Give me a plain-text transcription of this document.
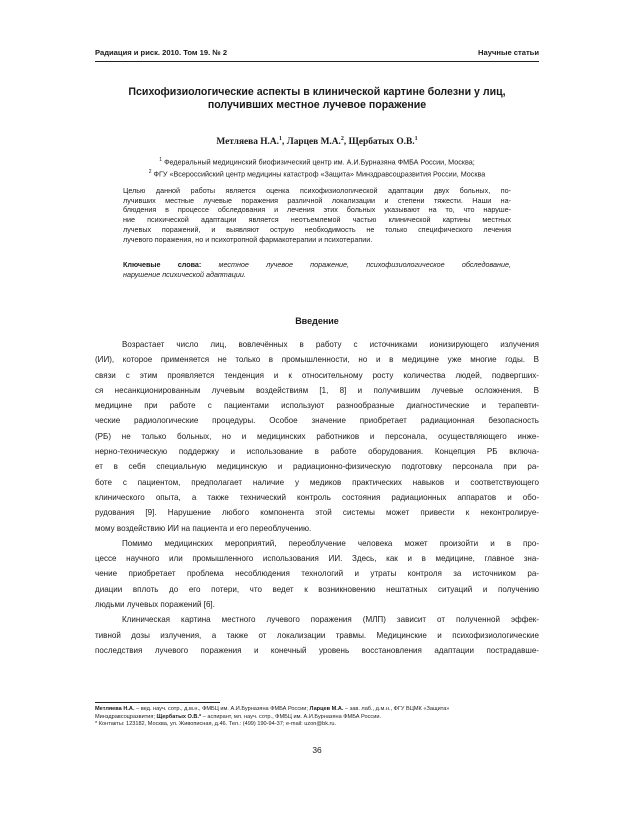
Радиация и риск. 2010. Том 19. № 2	Научные статьи
Психофизиологические аспекты в клинической картине болезни у лиц,
получивших местное лучевое поражение
Метляева Н.А.$^1$, Ларцев М.А.$^2$, Щербатых О.В.$^1$
$^1$ Федеральный медицинский биофизический центр им. А.И.Бурназяна ФМБА России, Москва;
$^2$ ФГУ «Всероссийский центр медицины катастроф «Защита» Минздравсоцразвития России, Москва
Целью данной работы является оценка психофизиологической адаптации двух больных, по-
лучивших местные лучевые поражения различной локализации и степени тяжести. Наши на-
блюдения в процессе обследования и лечения этих больных указывают на то, что наруше-
ние психической адаптации является неотъемлемой частью клинической картины местных
лучевых поражений, и выявляют острую необходимость не только специфического лечения
лучевого поражения, но и психотропной фармакотерапии и психотерапии.
Ключевые слова: местное лучевое поражение, психофизиологическое обследование,
нарушение психической адаптации.
Введение
Возрастает число лиц, вовлечённых в работу с источниками ионизирующего излучения
(ИИ), которое применяется не только в промышленности, но и в медицине уже многие годы. В
связи с этим проявляется тенденция и к относительному росту количества людей, подвергших-
ся несанкционированным лучевым воздействиям [1, 8] и получившим лучевые осложнения. В
медицине при работе с пациентами используют разнообразные диагностические и терапевти-
ческие радиологические процедуры. Особое значение приобретает радиационная безопасность
(РБ) не только больных, но и медицинских работников и персонала, осуществляющего инже-
нерно-техническую поддержку и использование в работе оборудования. Концепция РБ включа-
ет в себя специальную медицинскую и радиационно-физическую подготовку персонала при ра-
боте с пациентом, предполагает наличие у медиков практических навыков и соответствующего
клинического опыта, а также технический контроль состояния радиационных аппаратов и обо-
рудования [9]. Нарушение любого компонента этой системы может привести к неконтролируе-
мому воздействию ИИ на пациента и его переоблучению.
Помимо медицинских мероприятий, переоблучение человека может произойти и в про-
цессе научного или промышленного использования ИИ. Здесь, как и в медицине, главное зна-
чение приобретает проблема несоблюдения технологий и утраты контроля за источником ра-
диации вплоть до его потери, что ведет к возникновению нештатных ситуаций и получению
людьми лучевых поражений [6].
Клиническая картина местного лучевого поражения (МЛП) зависит от полученной эффек-
тивной дозы излучения, а также от локализации травмы. Медицинские и психофизиологические
последствия лучевого поражения и конечный уровень восстановления адаптации пострадавше-
Метляева Н.А. – вед. науч. сотр., д.м.н., ФМБЦ им. А.И.Бурназяна ФМБА России; Ларцев М.А. – зав. лаб., д.м.н., ФГУ ВЦМК «Защита»
Минздравсоцразвития; Щербатых О.В.* – аспирант, мл. науч. сотр., ФМБЦ им. А.И.Бурназяна ФМБА России.
* Контакты: 123182, Москва, ул. Живописная, д.46. Тел.: (499) 190-94-37; e-mail: uzon@bk.ru.
36
